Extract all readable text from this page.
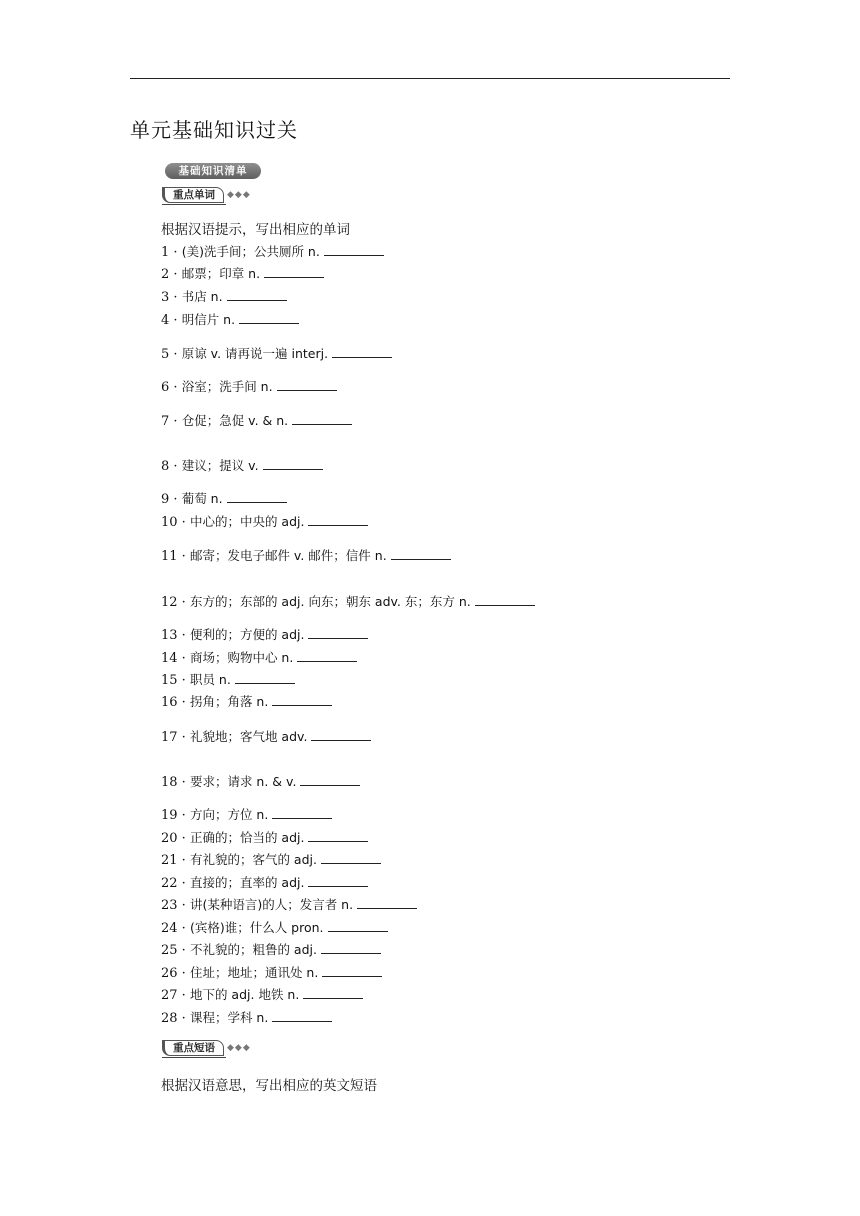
单元基础知识过关
基础知识清单
重点单词	◆◆◆
根据汉语提示，写出相应的单词
1 · (美)洗手间；公共厕所 n.
2 · 邮票；印章 n.
3 · 书店 n.
4 · 明信片 n.
5 · 原谅 v. 请再说一遍 interj.
6 · 浴室；洗手间 n.
7 · 仓促；急促 v. & n.
8 · 建议；提议 v.
9 · 葡萄 n.
10 · 中心的；中央的 adj.
11 · 邮寄；发电子邮件 v. 邮件；信件 n.
12 · 东方的；东部的 adj. 向东；朝东 adv. 东；东方 n.
13 · 便利的；方便的 adj.
14 · 商场；购物中心 n.
15 · 职员 n.
16 · 拐角；角落 n.
17 · 礼貌地；客气地 adv.
18 · 要求；请求 n. & v.
19 · 方向；方位 n.
20 · 正确的；恰当的 adj.
21 · 有礼貌的；客气的 adj.
22 · 直接的；直率的 adj.
23 · 讲(某种语言)的人；发言者 n.
24 · (宾格)谁；什么人 pron.
25 · 不礼貌的；粗鲁的 adj.
26 · 住址；地址；通讯处 n.
27 · 地下的 adj. 地铁 n.
28 · 课程；学科 n.
重点短语	◆◆◆
根据汉语意思，写出相应的英文短语
